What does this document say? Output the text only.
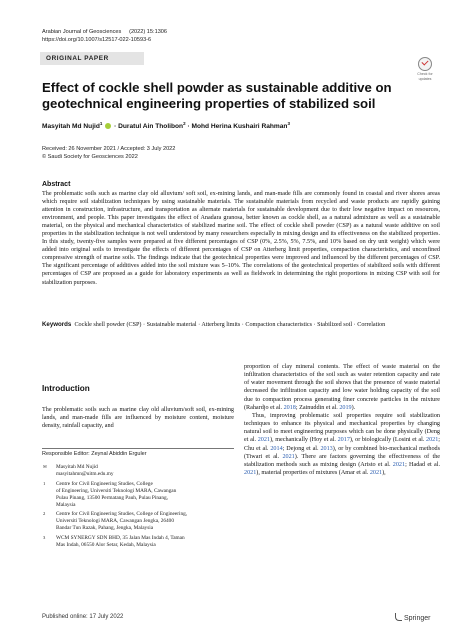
Arabian Journal of Geosciences (2022) 15:1306
https://doi.org/10.1007/s12517-022-10593-6
ORIGINAL PAPER
Check for
updates
Effect of cockle shell powder as sustainable additive on geotechnical engineering properties of stabilized soil
Masyitah Md Nujid$^1$ · Duratul Ain Tholibon$^2$ · Mohd Herina Kushairi Rahman$^3$
Received: 26 November 2021 / Accepted: 3 July 2022
© Saudi Society for Geosciences 2022
Abstract
The problematic soils such as marine clay old alluvium/ soft soil, ex-mining lands, and man-made fills are commonly found in coastal and river shores areas which require soil stabilization techniques by using sustainable materials. The sustainable materials from recycled and waste products are rapidly gaining attention in construction, infrastructure, and transportation as alternate materials for sustainable development due to their low negative impact on resources, environment, and people. This paper investigates the effect of Anadara granosa, better known as cockle shell, as a natural admixture as well as a sustainable material, on the physical and mechanical characteristics of stabilized marine soil. The effect of cockle shell powder (CSP) as a natural waste additive on soil properties in the stabilization technique is not well understood by many researchers especially in mixing design and its effectiveness on the stabilized properties. In this study, twenty-five samples were prepared at five different percentages of CSP (0%, 2.5%, 5%, 7.5%, and 10% based on dry unit weight) which were added into original soils to investigate the effects of different percentages of CSP on Atterberg limit properties, compaction characteristics, and unconfined compressive strength of marine soils. The findings indicate that the geotechnical properties were improved and influenced by the different percentages of CSP. The significant percentage of additives added into the soil mixture was 5–10%. The correlations of the geotechnical properties of stabilized soils with different percentages of CSP are proposed as a guide for laboratory experiments as well as fieldwork in determining the right proportions in mixing CSP with soil for stabilization purposes.
Keywords Cockle shell powder (CSP) · Sustainable material · Atterberg limits · Compaction characteristics · Stabilized soil · Correlation
Introduction
The problematic soils such as marine clay old alluvium/soft soil, ex-mining lands, and man-made fills are influenced by moisture content, moisture density, rainfall capacity, and

proportion of clay mineral contents. The effect of waste material on the infiltration characteristics of the soil such as water retention capacity and rate of water movement through the soil shows that the presence of waste material decreased the infiltration capacity and low water holding capacity of the soil due to compaction process generating finer concrete particles in the mixture (Rahardjo et al. 2018; Zainuddin et al. 2019).

Thus, improving problematic soil properties require soil stabilization techniques to enhance its physical and mechanical properties by changing natural soil to meet engineering purposes which can be done physically (Deng et al. 2021), mechanically (Hoy et al. 2017), or biologically (Losini et al. 2021; Chu et al. 2014; Dejong et al. 2013), or by combined bio-mechanical methods (Tiwari et al. 2021). There are factors governing the effectiveness of the stabilization methods such as mixing design (Aristo et al. 2021; Hadad et al. 2021), material properties of mixtures (Amar et al. 2021),

Responsible Editor: Zeynal Abiddin Erguler
✉ Masyitah Md Nujid
masyitahmn@uitm.edu.my
1 Centre for Civil Engineering Studies, College
of Engineering, Universiti Teknologi MARA, Cawangan
Pulau Pinang, 13500 Permatang Pauh, Pulau Pinang,
Malaysia
2 Centre for Civil Engineering Studies, College of Engineering,
Universiti Teknologi MARA, Cawangan Jengka, 26400
Bandar Tun Razak, Pahang, Jengka, Malaysia
3 WCM SYNERGY SDN BHD, 35 Jalan Mas Indah 4, Taman
Mas Indah, 06550 Alor Setar, Kedah, Malaysia
Published online: 17 July 2022	Springer
